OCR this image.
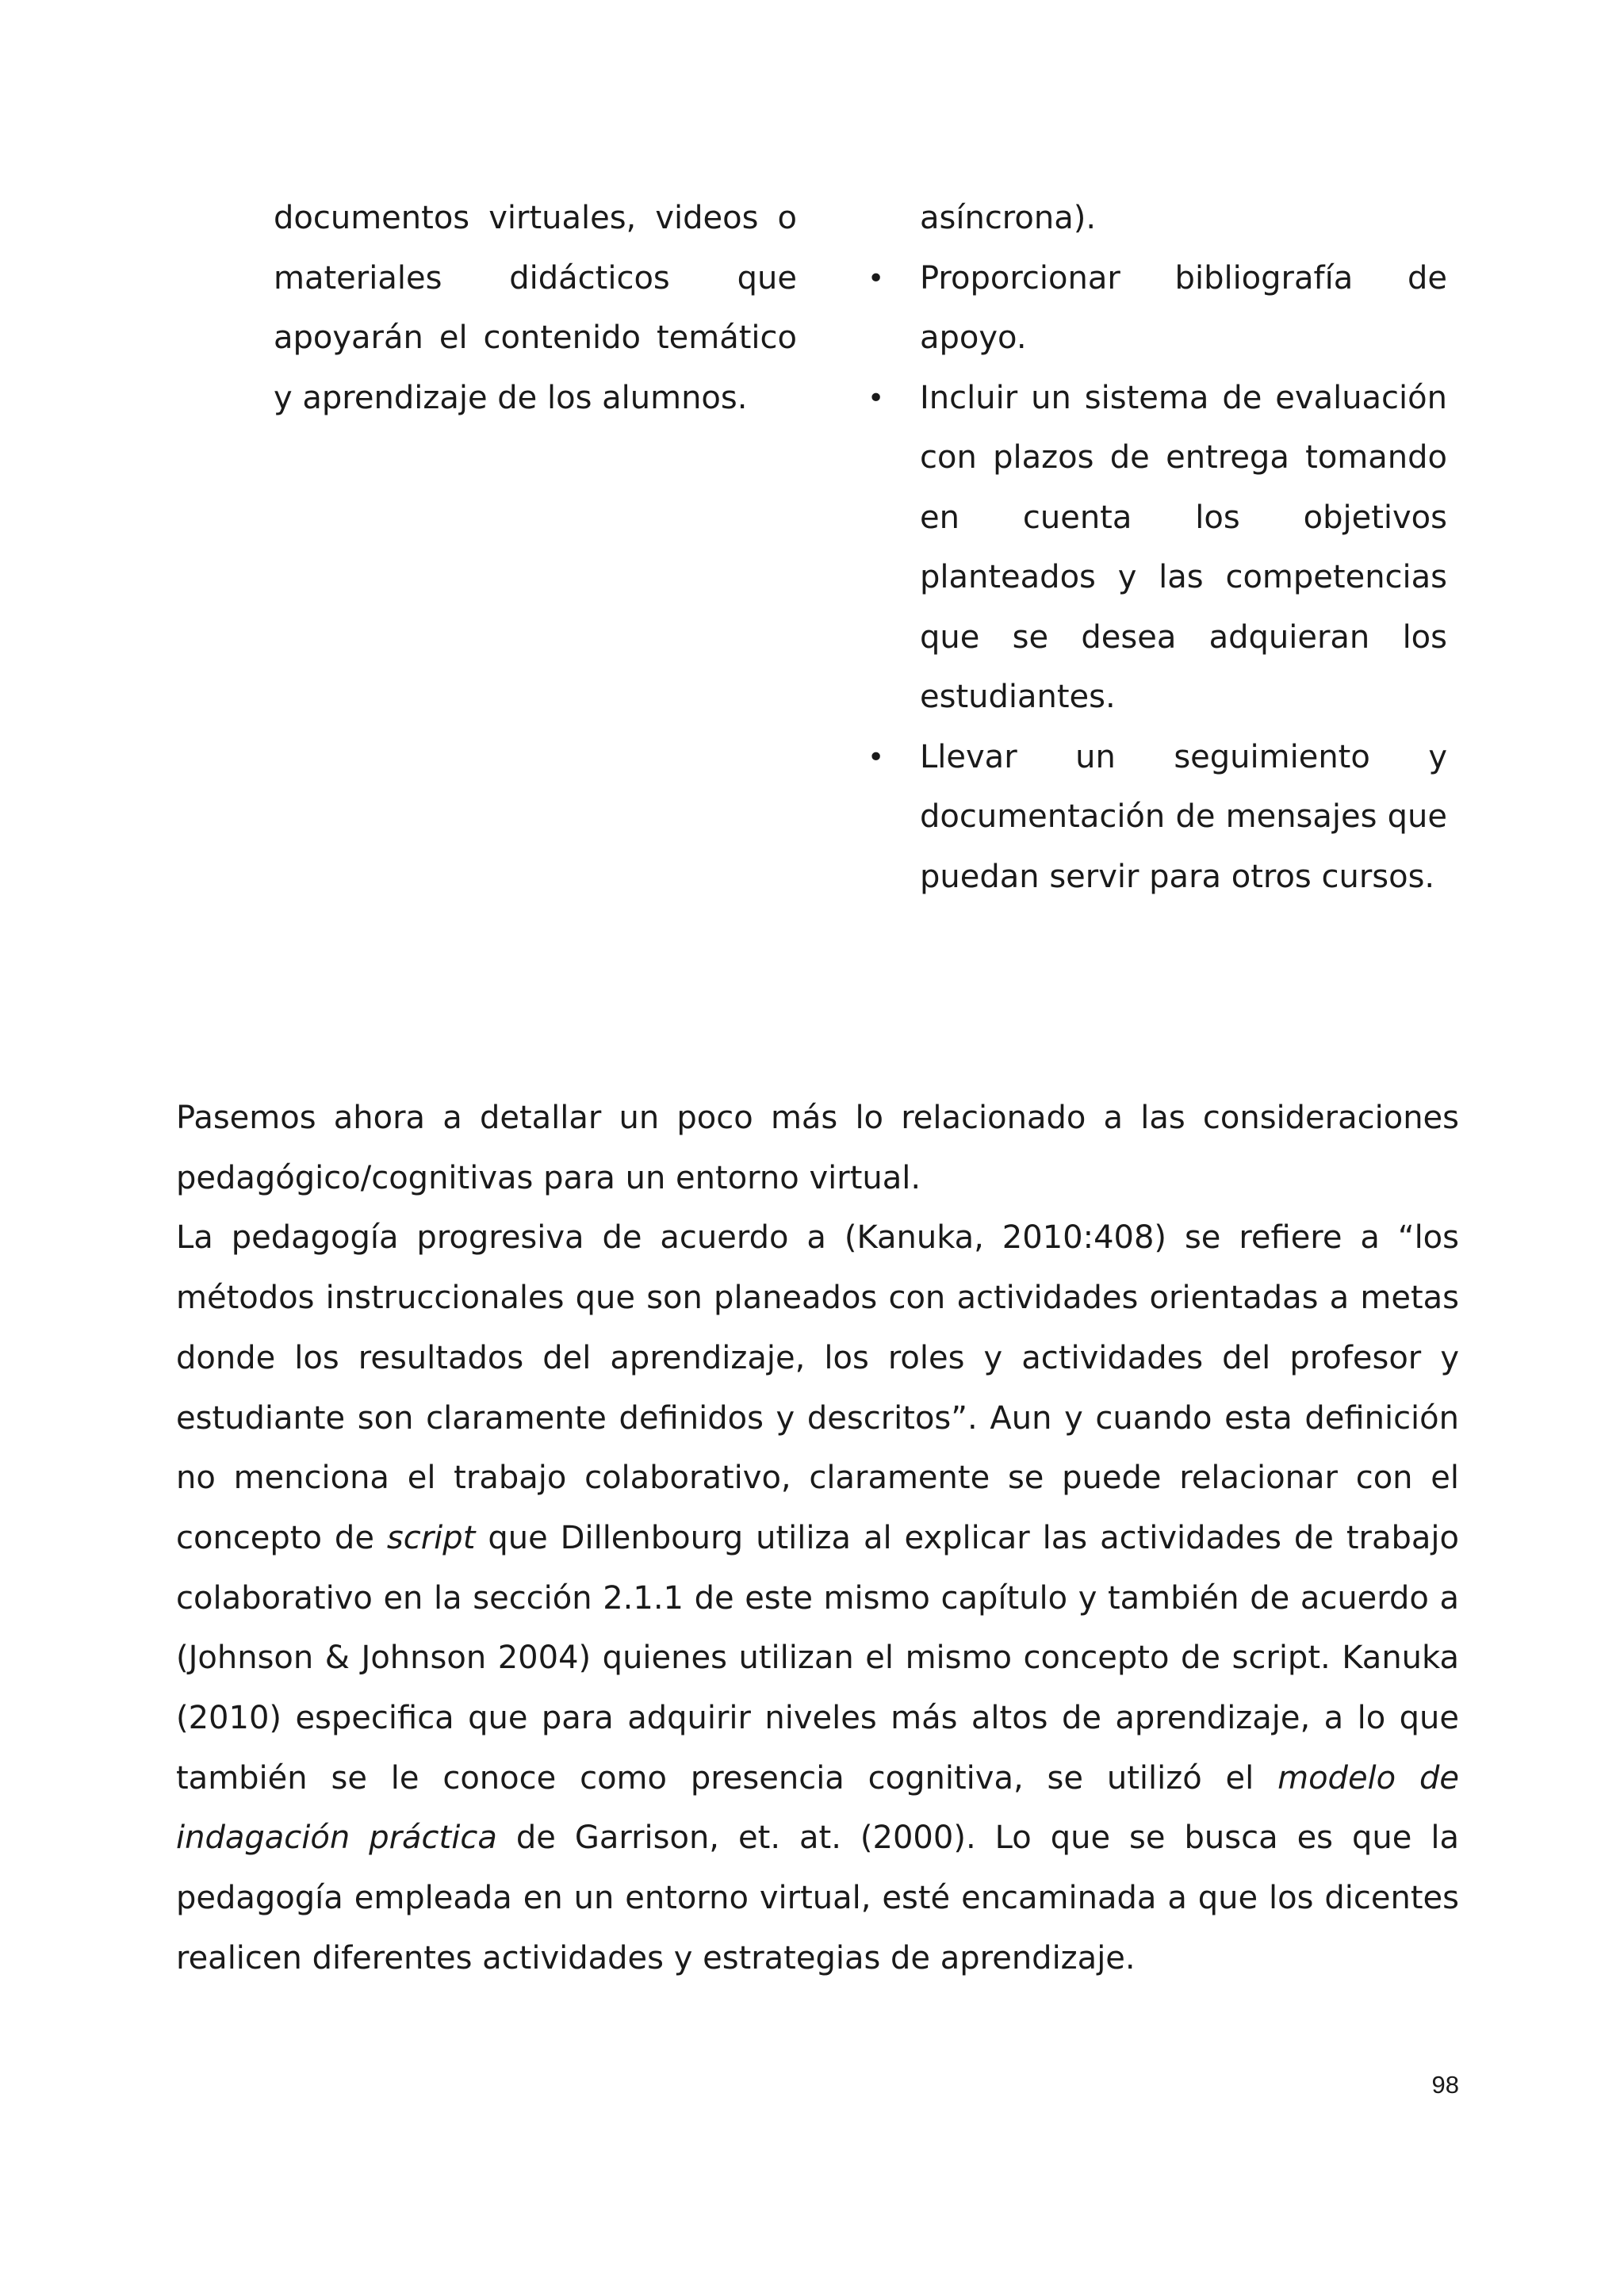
documentos virtuales, videos o materiales didácticos que apoyarán el contenido temático y aprendizaje de los alumnos.
asíncrona).
• Proporcionar bibliografía de apoyo.
• Incluir un sistema de evaluación con plazos de entrega tomando en cuenta los objetivos planteados y las competencias que se desea adquieran los estudiantes.
• Llevar un seguimiento y documentación de mensajes que puedan servir para otros cursos.

Pasemos ahora a detallar un poco más lo relacionado a las consideraciones pedagógico/cognitivas para un entorno virtual.

La pedagogía progresiva de acuerdo a (Kanuka, 2010:408) se refiere a “los métodos instruccionales que son planeados con actividades orientadas a metas donde los resultados del aprendizaje, los roles y actividades del profesor y estudiante son claramente definidos y descritos”. Aun y cuando esta definición no menciona el trabajo colaborativo, claramente se puede relacionar con el concepto de script que Dillenbourg utiliza al explicar las actividades de trabajo colaborativo en la sección 2.1.1 de este mismo capítulo y también de acuerdo a (Johnson & Johnson 2004) quienes utilizan el mismo concepto de script. Kanuka (2010) especifica que para adquirir niveles más altos de aprendizaje, a lo que también se le conoce como presencia cognitiva, se utilizó el modelo de indagación práctica de Garrison, et. at. (2000). Lo que se busca es que la pedagogía empleada en un entorno virtual, esté encaminada a que los dicentes realicen diferentes actividades y estrategias de aprendizaje.

98
